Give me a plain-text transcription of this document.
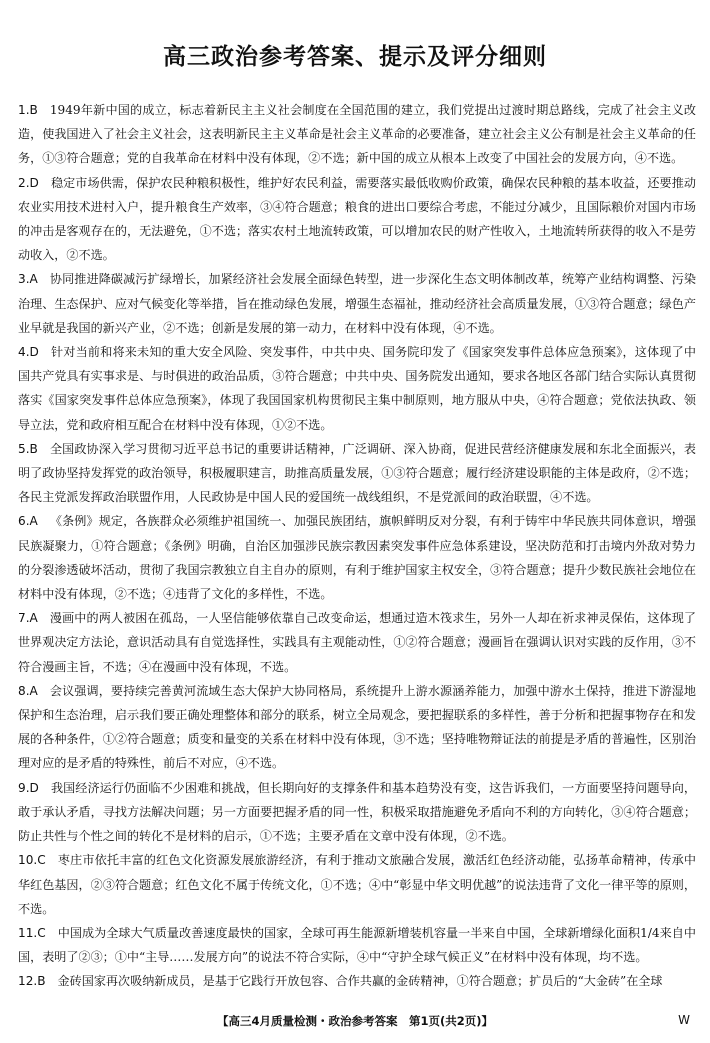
高三政治参考答案、提示及评分细则

1.B 1949年新中国的成立，标志着新民主主义社会制度在全国范围的建立，我们党提出过渡时期总路线，完成了社会主义改造，使我国进入了社会主义社会，这表明新民主主义革命是社会主义革命的必要准备，建立社会主义公有制是社会主义革命的任务，①③符合题意；党的自我革命在材料中没有体现，②不选；新中国的成立从根本上改变了中国社会的发展方向，④不选。

2.D 稳定市场供需，保护农民种粮积极性，维护好农民利益，需要落实最低收购价政策，确保农民种粮的基本收益，还要推动农业实用技术进村入户，提升粮食生产效率，③④符合题意；粮食的进出口要综合考虑，不能过分减少，且国际粮价对国内市场的冲击是客观存在的，无法避免，①不选；落实农村土地流转政策，可以增加农民的财产性收入，土地流转所获得的收入不是劳动收入，②不选。

3.A 协同推进降碳减污扩绿增长，加紧经济社会发展全面绿色转型，进一步深化生态文明体制改革，统筹产业结构调整、污染治理、生态保护、应对气候变化等举措，旨在推动绿色发展，增强生态福祉，推动经济社会高质量发展，①③符合题意；绿色产业早就是我国的新兴产业，②不选；创新是发展的第一动力，在材料中没有体现，④不选。

4.D 针对当前和将来未知的重大安全风险、突发事件，中共中央、国务院印发了《国家突发事件总体应急预案》，这体现了中国共产党具有实事求是、与时俱进的政治品质，③符合题意；中共中央、国务院发出通知，要求各地区各部门结合实际认真贯彻落实《国家突发事件总体应急预案》，体现了我国国家机构贯彻民主集中制原则，地方服从中央，④符合题意；党依法执政、领导立法，党和政府相互配合在材料中没有体现，①②不选。

5.B 全国政协深入学习贯彻习近平总书记的重要讲话精神，广泛调研、深入协商，促进民营经济健康发展和东北全面振兴，表明了政协坚持发挥党的政治领导，积极履职建言，助推高质量发展，①③符合题意；履行经济建设职能的主体是政府，②不选；各民主党派发挥政治联盟作用，人民政协是中国人民的爱国统一战线组织，不是党派间的政治联盟，④不选。

6.A 《条例》规定，各族群众必须维护祖国统一、加强民族团结，旗帜鲜明反对分裂，有利于铸牢中华民族共同体意识，增强民族凝聚力，①符合题意；《条例》明确，自治区加强涉民族宗教因素突发事件应急体系建设，坚决防范和打击境内外敌对势力的分裂渗透破坏活动，贯彻了我国宗教独立自主自办的原则，有利于维护国家主权安全，③符合题意；提升少数民族社会地位在材料中没有体现，②不选；④违背了文化的多样性，不选。

7.A 漫画中的两人被困在孤岛，一人坚信能够依靠自己改变命运，想通过造木筏求生，另外一人却在祈求神灵保佑，这体现了世界观决定方法论，意识活动具有自觉选择性，实践具有主观能动性，①②符合题意；漫画旨在强调认识对实践的反作用，③不符合漫画主旨，不选；④在漫画中没有体现，不选。

8.A 会议强调，要持续完善黄河流域生态大保护大协同格局，系统提升上游水源涵养能力，加强中游水土保持，推进下游湿地保护和生态治理，启示我们要正确处理整体和部分的联系，树立全局观念，要把握联系的多样性，善于分析和把握事物存在和发展的各种条件，①②符合题意；质变和量变的关系在材料中没有体现，③不选；坚持唯物辩证法的前提是矛盾的普遍性，区别治理对应的是矛盾的特殊性，前后不对应，④不选。

9.D 我国经济运行仍面临不少困难和挑战，但长期向好的支撑条件和基本趋势没有变，这告诉我们，一方面要坚持问题导向，敢于承认矛盾，寻找方法解决问题；另一方面要把握矛盾的同一性，积极采取措施避免矛盾向不利的方向转化，③④符合题意；防止共性与个性之间的转化不是材料的启示，①不选；主要矛盾在文章中没有体现，②不选。

10.C 枣庄市依托丰富的红色文化资源发展旅游经济，有利于推动文旅融合发展，激活红色经济动能，弘扬革命精神，传承中华红色基因，②③符合题意；红色文化不属于传统文化，①不选；④中“彰显中华文明优越”的说法违背了文化一律平等的原则，不选。

11.C 中国成为全球大气质量改善速度最快的国家，全球可再生能源新增装机容量一半来自中国，全球新增绿化面积1/4来自中国，表明了②③；①中“主导……发展方向”的说法不符合实际，④中“守护全球气候正义”在材料中没有体现，均不选。

12.B 金砖国家再次吸纳新成员，是基于它践行开放包容、合作共赢的金砖精神，①符合题意；扩员后的“大金砖”在全球

【高三4月质量检测・政治参考答案　第1页(共2页)】	W
